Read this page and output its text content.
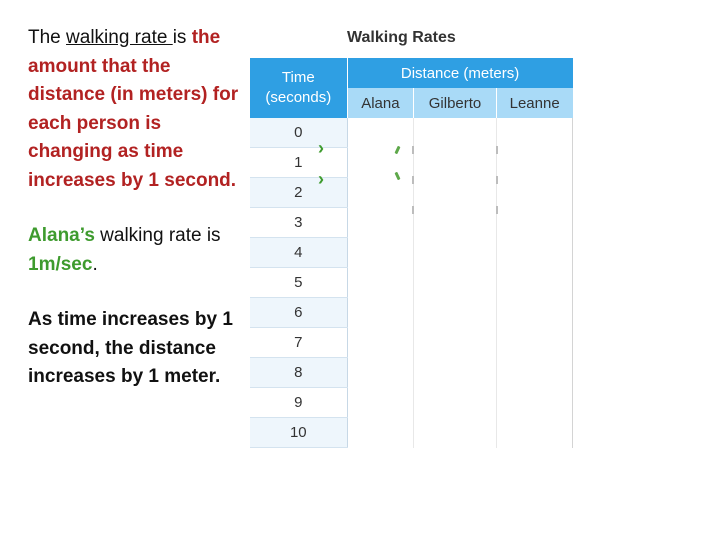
The walking rate is the amount that the distance (in meters) for each person is changing as time increases by 1 second.

Alana’s walking rate is 1m/sec.

As time increases by 1 second, the distance increases by 1 meter.

Walking Rates
Time (seconds)	Distance (meters)		
	Alana	Gilberto	Leanne
0			
1			
2			
3			
4			
5			
6			
7			
8			
9			
10			
›
›
